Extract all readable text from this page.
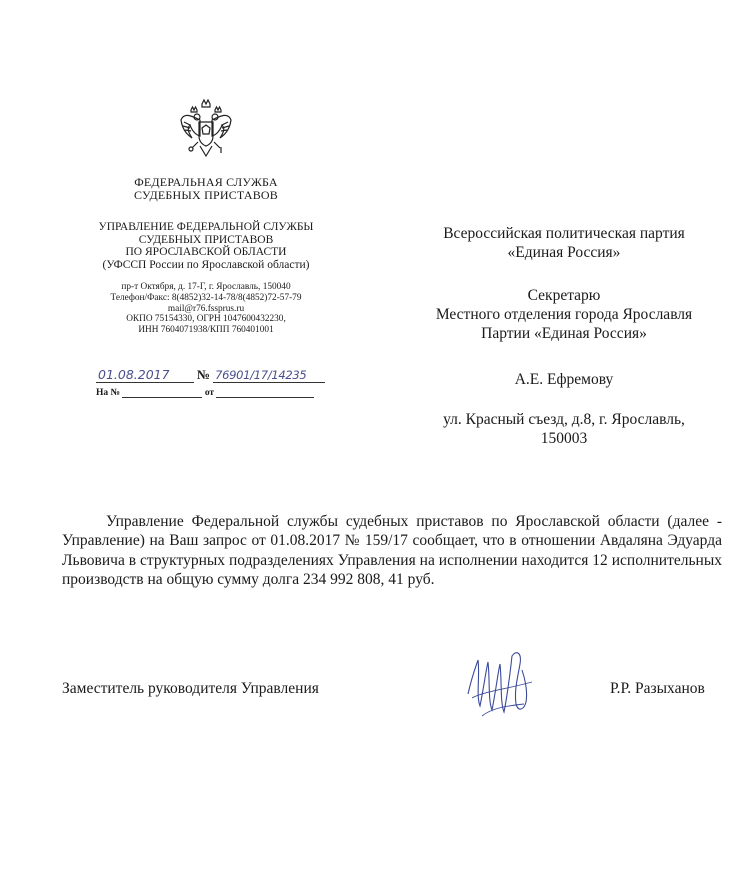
ФЕДЕРАЛЬНАЯ СЛУЖБА
СУДЕБНЫХ ПРИСТАВОВ
УПРАВЛЕНИЕ ФЕДЕРАЛЬНОЙ СЛУЖБЫ
СУДЕБНЫХ ПРИСТАВОВ
ПО ЯРОСЛАВСКОЙ ОБЛАСТИ
(УФССП России по Ярославской области)
пр-т Октября, д. 17-Г, г. Ярославль, 150040
Телефон/Факс: 8(4852)32-14-78/8(4852)72-57-79
mail@r76.fssprus.ru
ОКПО 75154330, ОГРН 1047600432230,
ИНН 7604071938/КПП 760401001
01.08.2017 № 76901/17/14235
На №	от
Всероссийская политическая партия
«Единая Россия»
Секретарю
Местного отделения города Ярославля
Партии «Единая Россия»
А.Е. Ефремову
ул. Красный съезд, д.8, г. Ярославль,
150003
Управление Федеральной службы судебных приставов по Ярославской области (далее - Управление) на Ваш запрос от 01.08.2017 № 159/17 сообщает, что в отношении Авдаляна Эдуарда Львовича в структурных подразделениях Управления на исполнении находится 12 исполнительных производств на общую сумму долга 234 992 808, 41 руб.
Заместитель руководителя Управления	Р.Р. Разыханов
